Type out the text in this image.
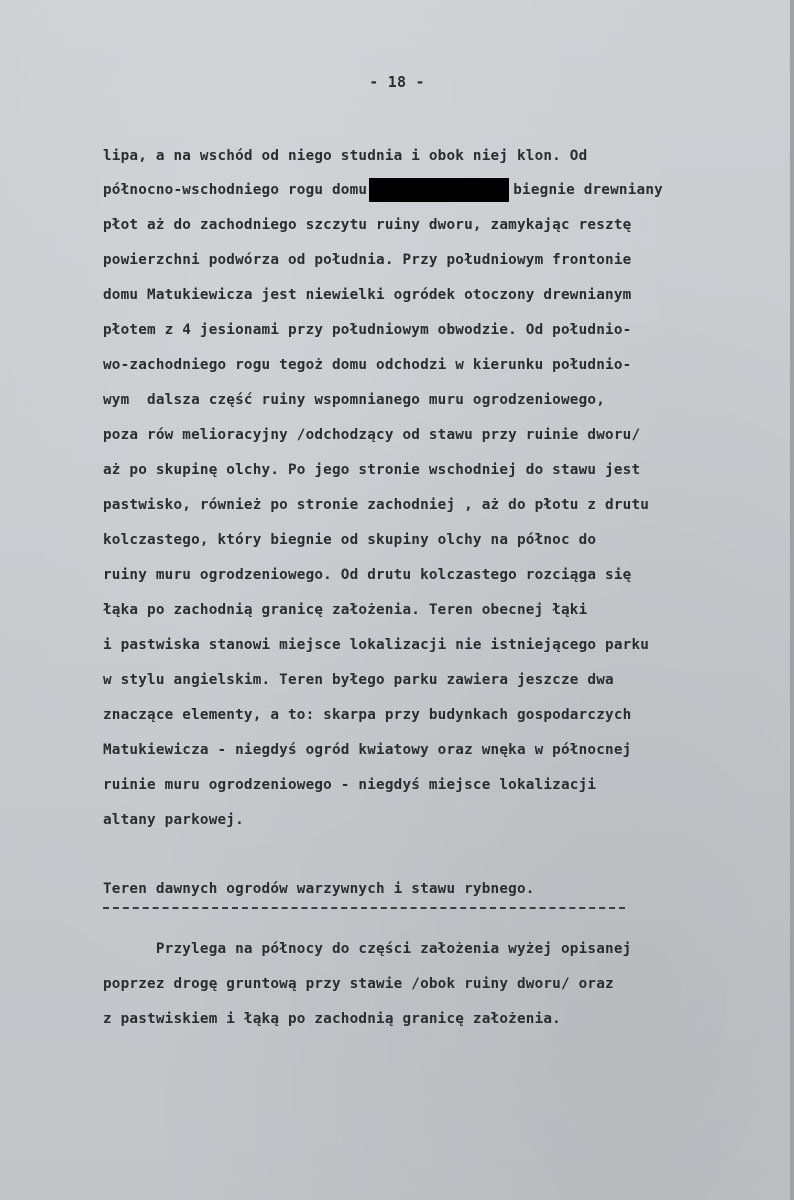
- 18 -
lipa, a na wschód od niego studnia i obok niej klon. Od
północno-wschodniego rogu domu	biegnie drewniany
płot aż do zachodniego szczytu ruiny dworu, zamykając resztę
powierzchni podwórza od południa. Przy południowym frontonie
domu Matukiewicza jest niewielki ogródek otoczony drewnianym
płotem z 4 jesionami przy południowym obwodzie. Od południo-
wo-zachodniego rogu tegoż domu odchodzi w kierunku południo-
wym  dalsza część ruiny wspomnianego muru ogrodzeniowego,
poza rów melioracyjny /odchodzący od stawu przy ruinie dworu/
aż po skupinę olchy. Po jego stronie wschodniej do stawu jest
pastwisko, również po stronie zachodniej , aż do płotu z drutu
kolczastego, który biegnie od skupiny olchy na północ do
ruiny muru ogrodzeniowego. Od drutu kolczastego rozciąga się
łąka po zachodnią granicę założenia. Teren obecnej łąki
i pastwiska stanowi miejsce lokalizacji nie istniejącego parku
w stylu angielskim. Teren byłego parku zawiera jeszcze dwa
znaczące elementy, a to: skarpa przy budynkach gospodarczych
Matukiewicza - niegdyś ogród kwiatowy oraz wnęka w północnej
ruinie muru ogrodzeniowego - niegdyś miejsce lokalizacji
altany parkowej.
Teren dawnych ogrodów warzywnych i stawu rybnego.
Przylega na północy do części założenia wyżej opisanej
poprzez drogę gruntową przy stawie /obok ruiny dworu/ oraz
z pastwiskiem i łąką po zachodnią granicę założenia.
